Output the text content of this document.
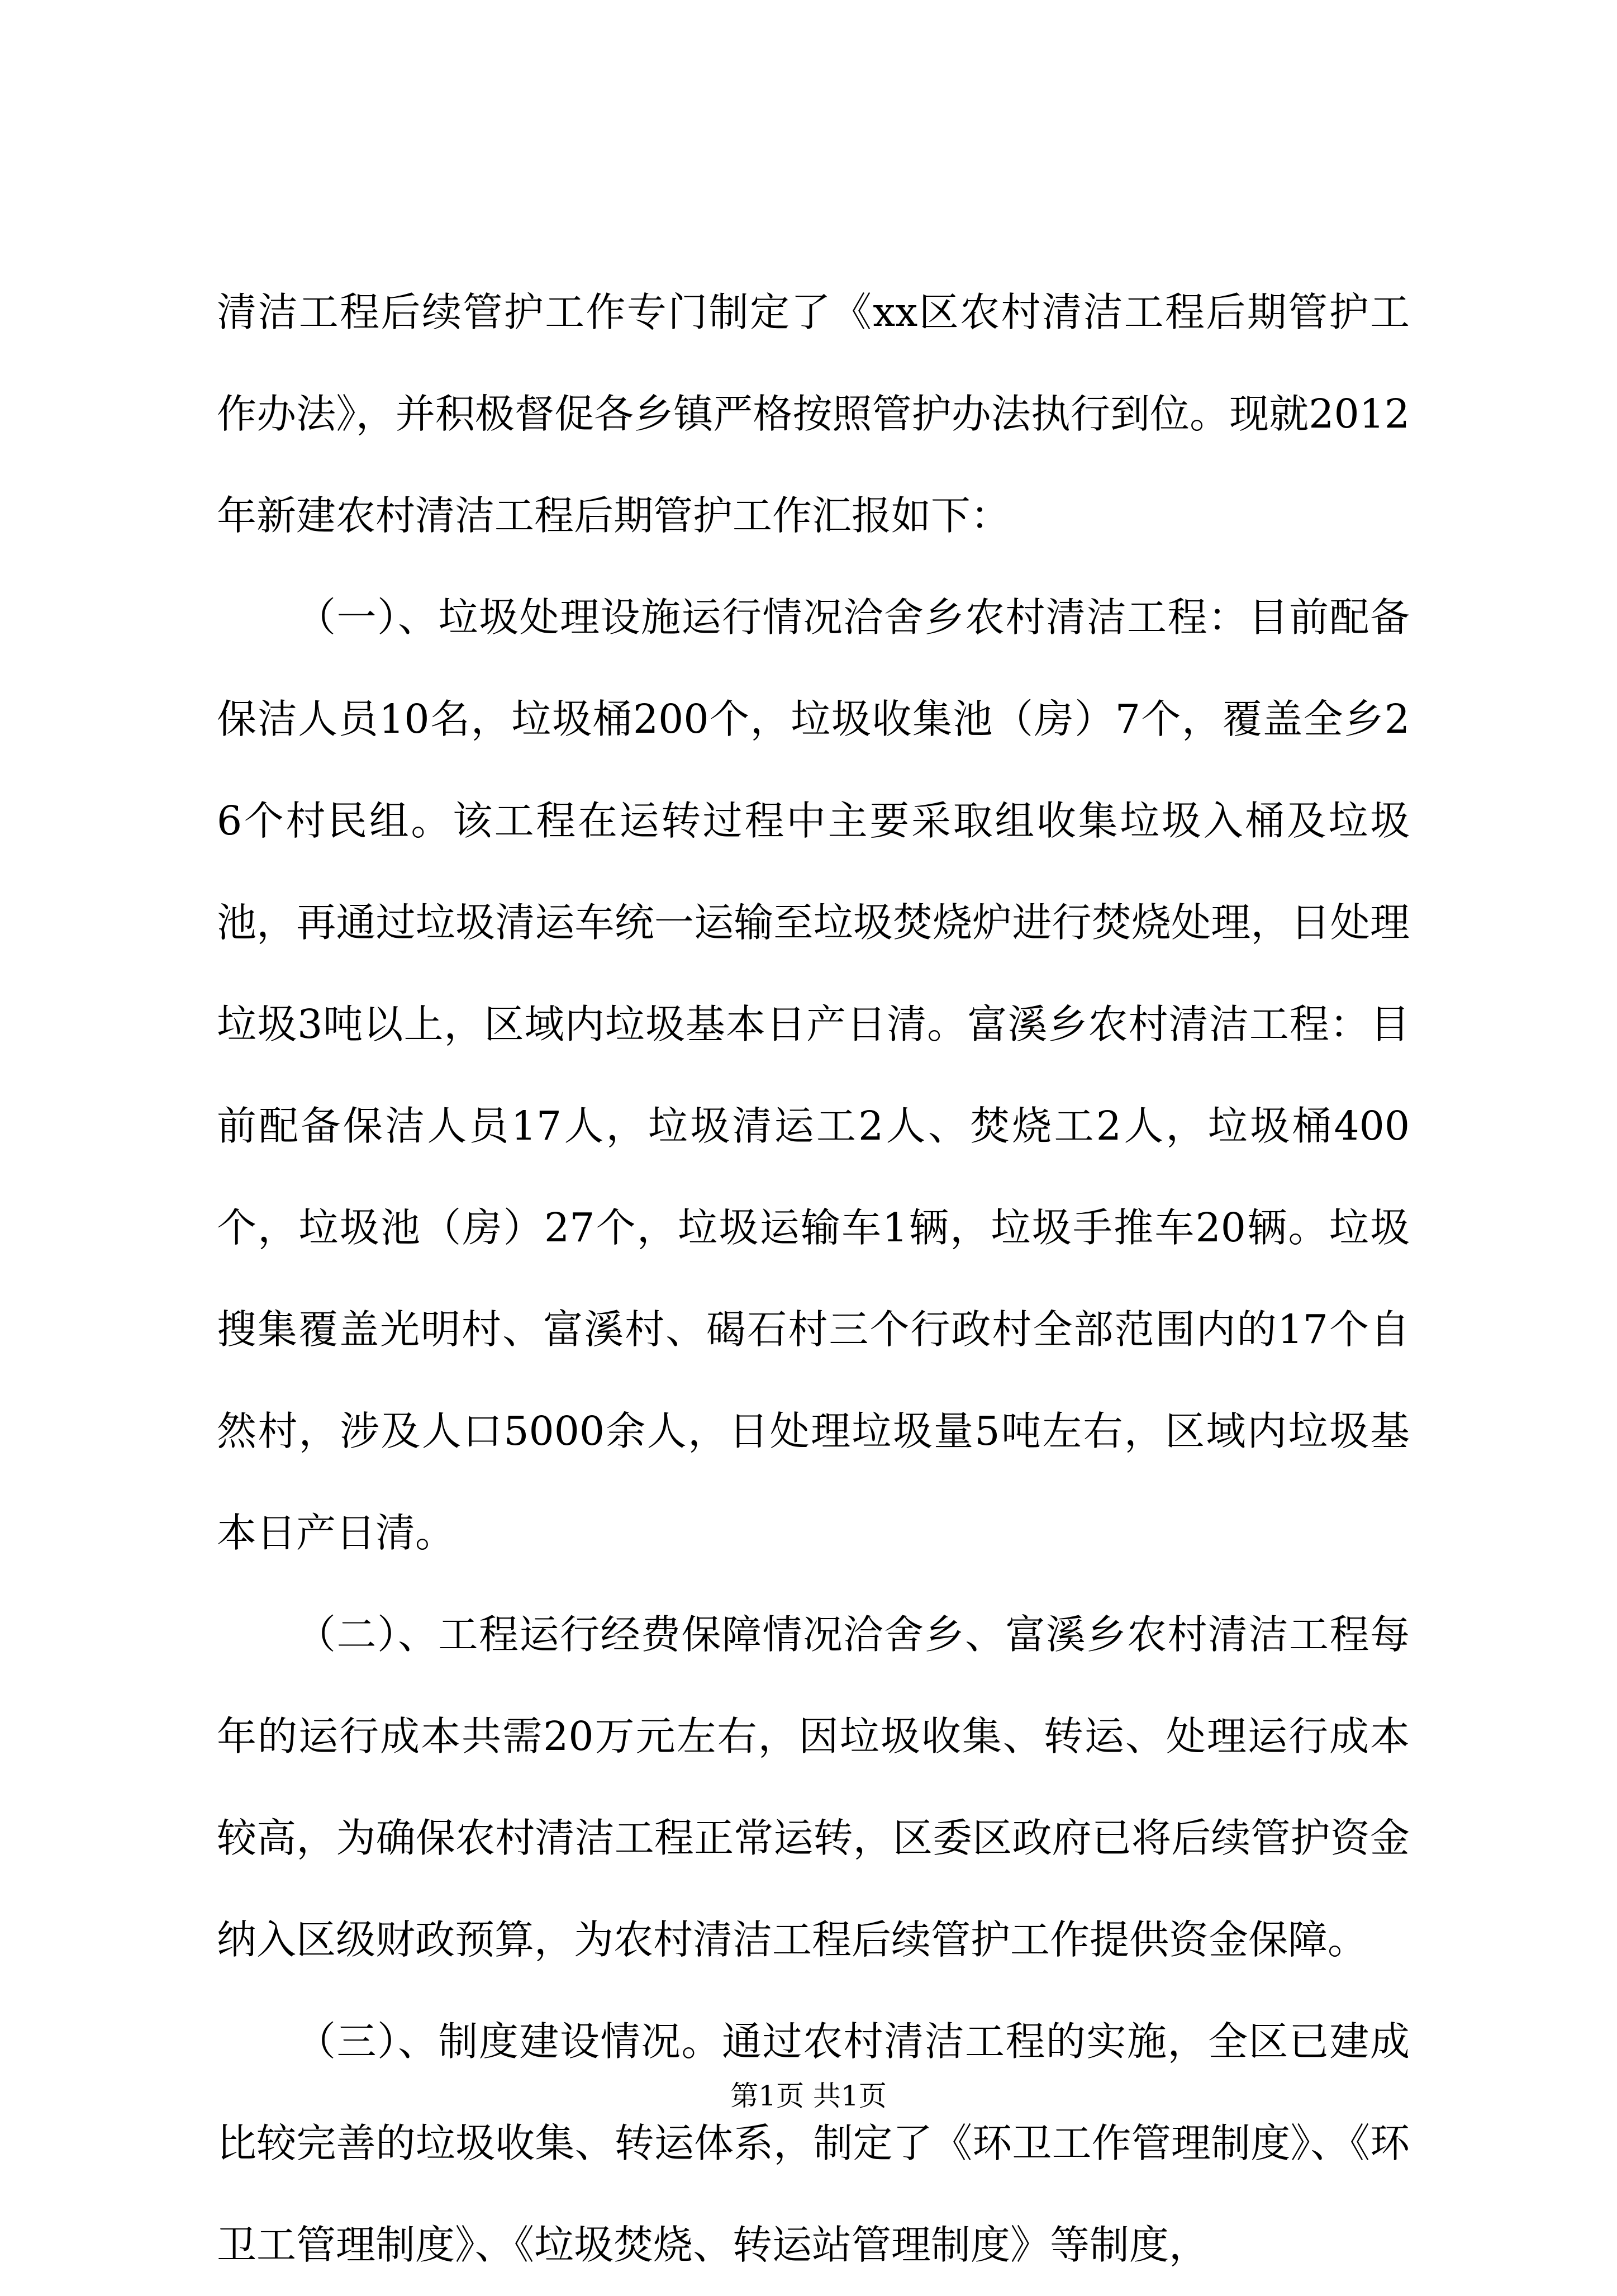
清洁工程后续管护工作专门制定了《xx区农村清洁工程后期管护工作办法》，并积极督促各乡镇严格按照管护办法执行到位。现就2012年新建农村清洁工程后期管护工作汇报如下：

（一）、垃圾处理设施运行情况洽舍乡农村清洁工程：目前配备保洁人员10名，垃圾桶200个，垃圾收集池（房）7个，覆盖全乡26个村民组。该工程在运转过程中主要采取组收集垃圾入桶及垃圾池，再通过垃圾清运车统一运输至垃圾焚烧炉进行焚烧处理，日处理垃圾3吨以上，区域内垃圾基本日产日清。富溪乡农村清洁工程：目前配备保洁人员17人，垃圾清运工2人、焚烧工2人，垃圾桶400个，垃圾池（房）27个，垃圾运输车1辆，垃圾手推车20辆。垃圾搜集覆盖光明村、富溪村、碣石村三个行政村全部范围内的17个自然村，涉及人口5000余人，日处理垃圾量5吨左右，区域内垃圾基本日产日清。

（二）、工程运行经费保障情况洽舍乡、富溪乡农村清洁工程每年的运行成本共需20万元左右，因垃圾收集、转运、处理运行成本较高，为确保农村清洁工程正常运转，区委区政府已将后续管护资金纳入区级财政预算，为农村清洁工程后续管护工作提供资金保障。

（三）、制度建设情况。通过农村清洁工程的实施，全区已建成比较完善的垃圾收集、转运体系，制定了《环卫工作管理制度》、《环卫工管理制度》、《垃圾焚烧、转运站管理制度》等制度，

第1页 共1页
